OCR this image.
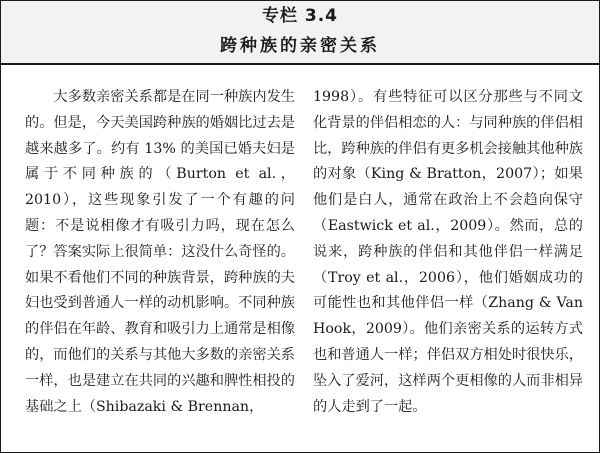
专栏 3.4
跨种族的亲密关系

大多数亲密关系都是在同一种族内发生的。但是，今天美国跨种族的婚姻比过去是越来越多了。约有 13% 的美国已婚夫妇是属于不同种族的（Burton et al.，2010），这些现象引发了一个有趣的问题：不是说相像才有吸引力吗，现在怎么了？答案实际上很简单：这没什么奇怪的。如果不看他们不同的种族背景，跨种族的夫妇也受到普通人一样的动机影响。不同种族的伴侣在年龄、教育和吸引力上通常是相像的，而他们的关系与其他大多数的亲密关系一样，也是建立在共同的兴趣和脾性相投的基础之上（Shibazaki & Brennan，

1998）。有些特征可以区分那些与不同文化背景的伴侣相恋的人：与同种族的伴侣相比，跨种族的伴侣有更多机会接触其他种族的对象（King & Bratton，2007）；如果他们是白人，通常在政治上不会趋向保守（Eastwick et al.，2009）。然而，总的说来，跨种族的伴侣和其他伴侣一样满足（Troy et al.，2006），他们婚姻成功的可能性也和其他伴侣一样（Zhang & Van Hook，2009）。他们亲密关系的运转方式也和普通人一样；伴侣双方相处时很快乐，坠入了爱河，这样两个更相像的人而非相异的人走到了一起。
